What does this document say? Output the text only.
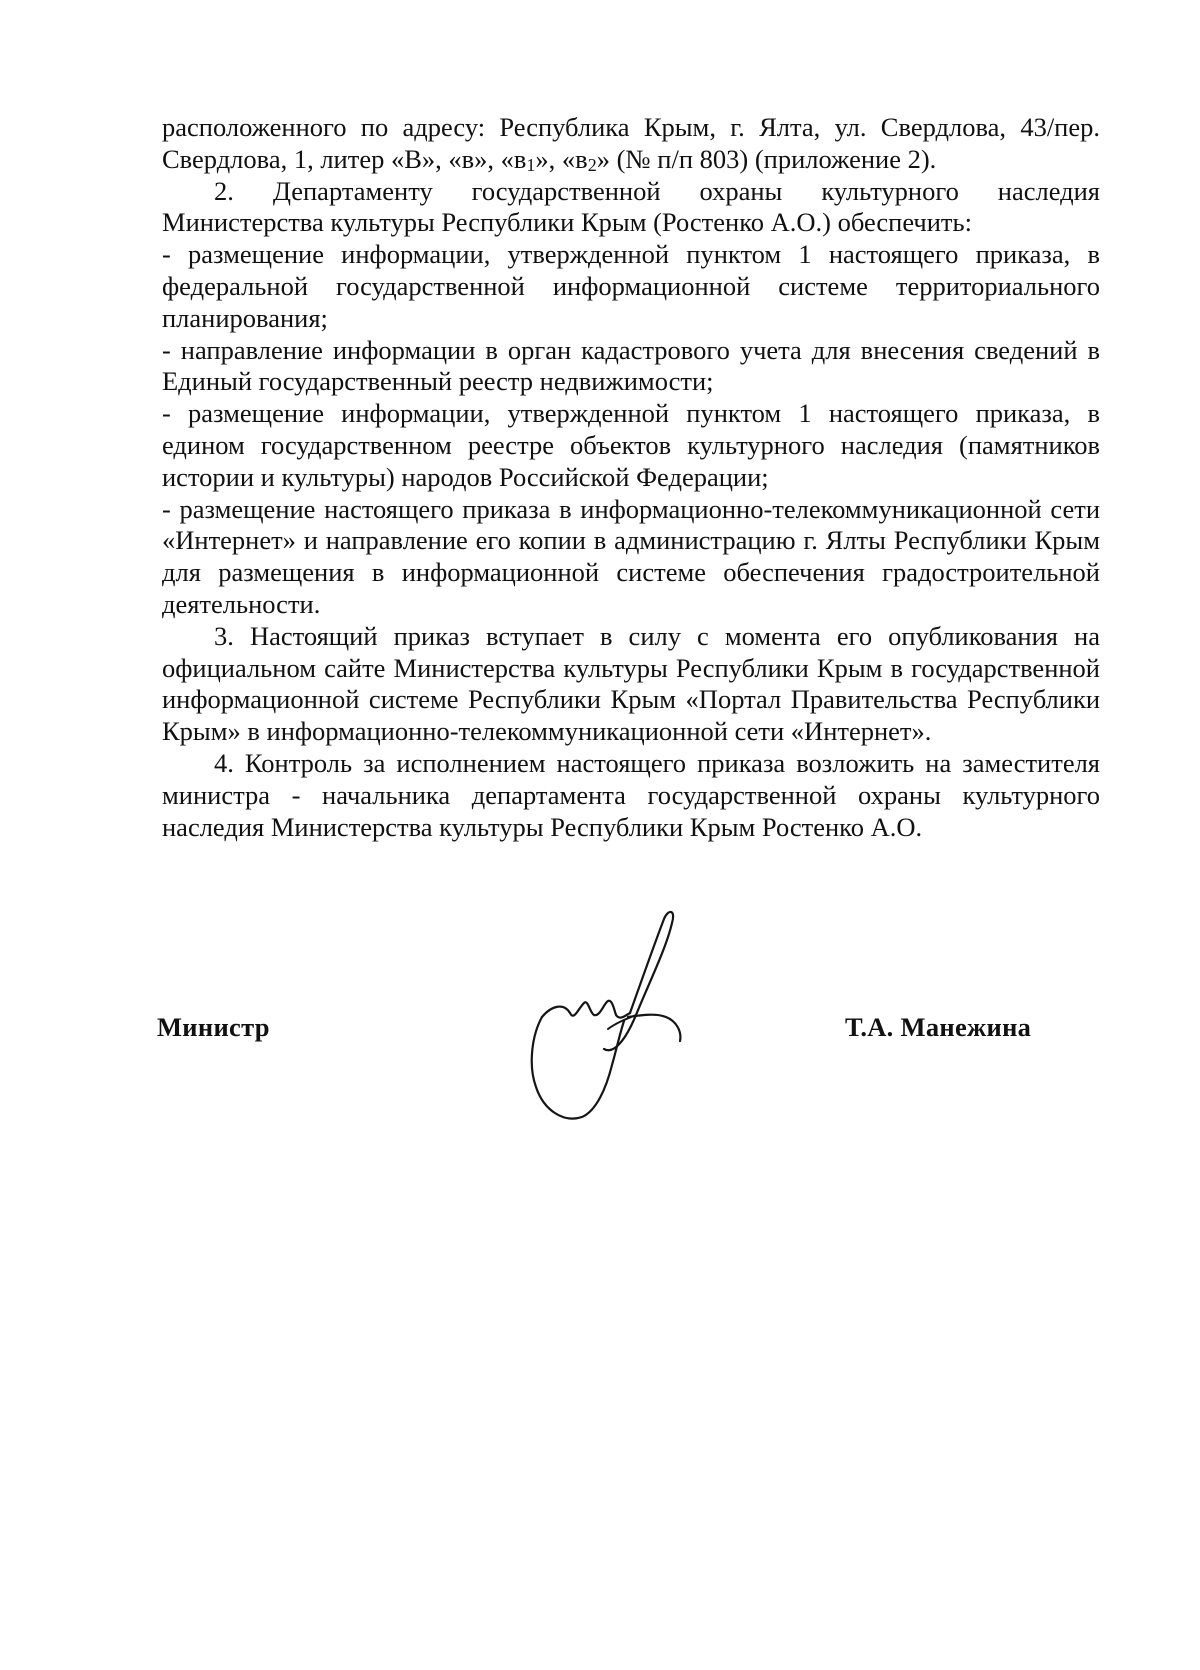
расположенного по адресу: Республика Крым, г. Ялта, ул. Свердлова, 43/пер. Свердлова, 1, литер «В», «в», «в1», «в2» (№ п/п 803) (приложение 2).

2. Департаменту государственной охраны культурного наследия Министерства культуры Республики Крым (Ростенко А.О.) обеспечить:

- размещение информации, утвержденной пунктом 1 настоящего приказа, в федеральной государственной информационной системе территориального планирования;

- направление информации в орган кадастрового учета для внесения сведений в Единый государственный реестр недвижимости;

- размещение информации, утвержденной пунктом 1 настоящего приказа, в едином государственном реестре объектов культурного наследия (памятников истории и культуры) народов Российской Федерации;

- размещение настоящего приказа в информационно-телекоммуникационной сети «Интернет» и направление его копии в администрацию г. Ялты Республики Крым для размещения в информационной системе обеспечения градостроительной деятельности.

3. Настоящий приказ вступает в силу с момента его опубликования на официальном сайте Министерства культуры Республики Крым в государственной информационной системе Республики Крым «Портал Правительства Республики Крым» в информационно-телекоммуникационной сети «Интернет».

4. Контроль за исполнением настоящего приказа возложить на заместителя министра - начальника департамента государственной охраны культурного наследия Министерства культуры Республики Крым Ростенко А.О.

Министр	Т.А. Манежина
